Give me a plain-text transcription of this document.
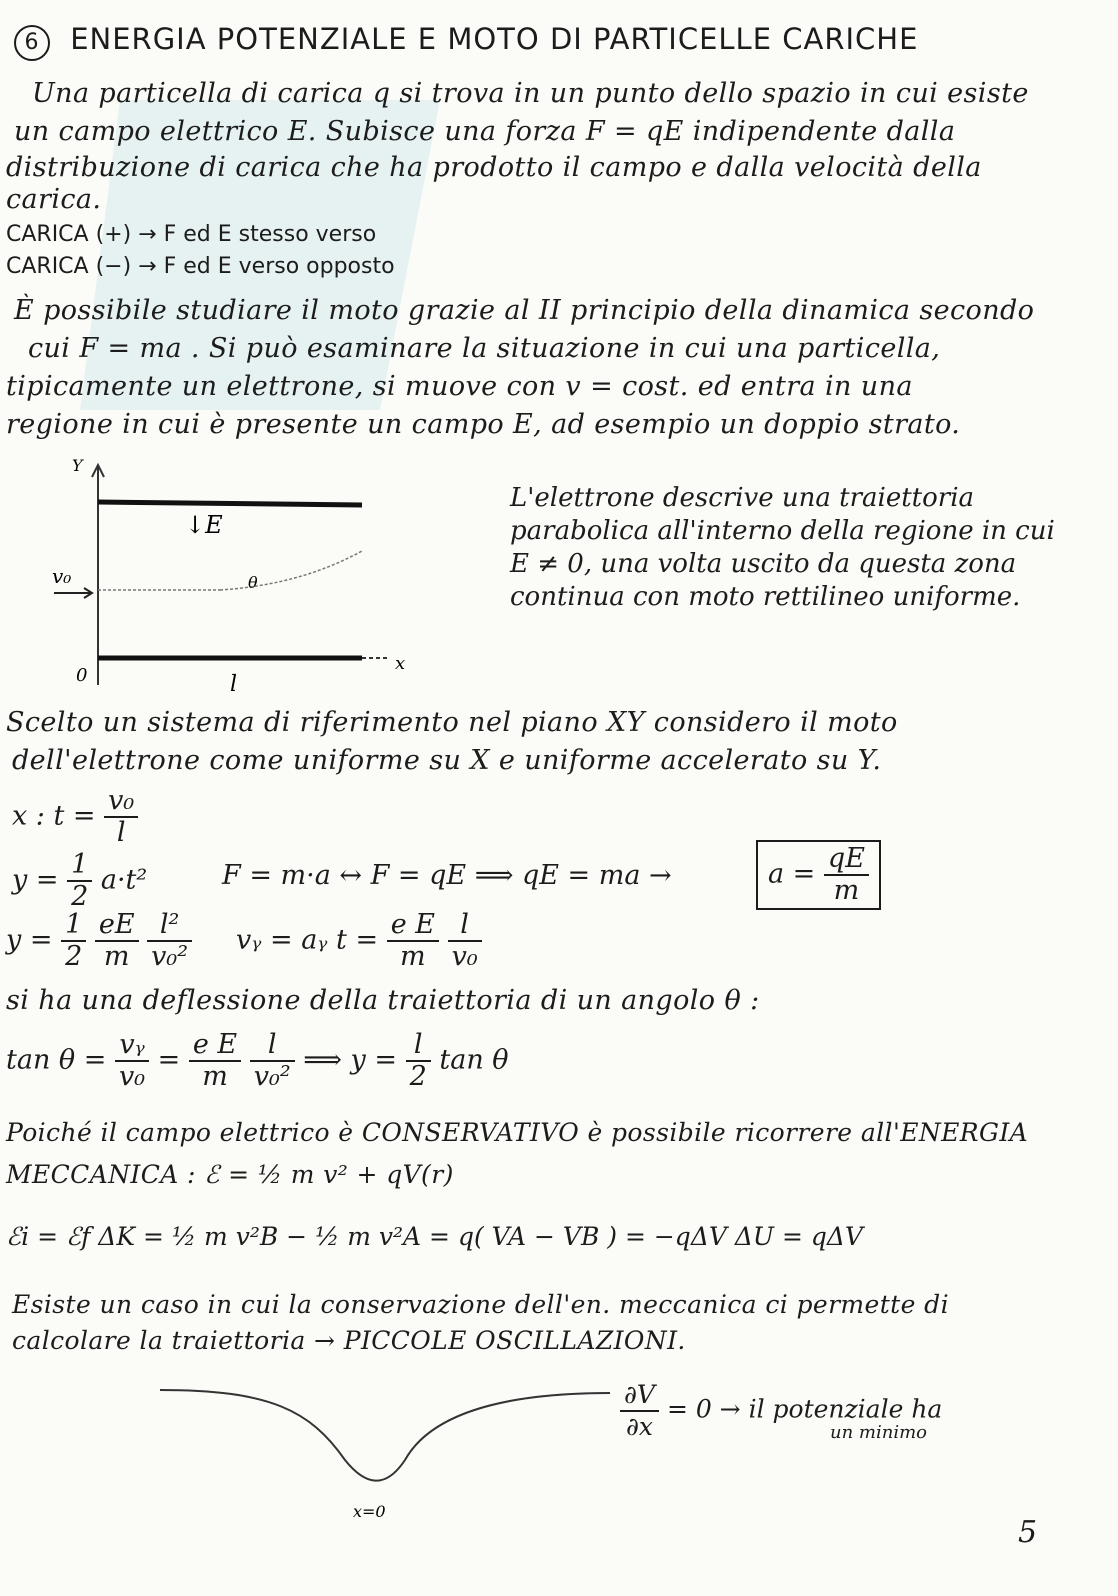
6 ENERGIA POTENZIALE E MOTO DI PARTICELLE CARICHE
Una particella di carica q si trova in un punto dello spazio in cui esiste
un campo elettrico E. Subisce una forza F = qE indipendente dalla
distribuzione di carica che ha prodotto il campo e dalla velocità della
carica.
CARICA (+) → F ed E stesso verso
CARICA (−) → F ed E verso opposto
È possibile studiare il moto grazie al II principio della dinamica secondo
cui F = ma . Si può esaminare la situazione in cui una particella,
tipicamente un elettrone, si muove con v = cost. ed entra in una
regione in cui è presente un campo E, ad esempio un doppio strato.
v₀
↓E
θ
Y
x
0	l
L'elettrone descrive una traiettoria parabolica all'interno della regione in cui E ≠ 0, una volta uscito da questa zona continua con moto rettilineo uniforme.
Scelto un sistema di riferimento nel piano XY considero il moto
dell'elettrone come uniforme su X e uniforme accelerato su Y.
x : $t = \frac{\text{v₀}}{l}$
$y = \frac{1}{2} a\cdot t^2$	F = m·a ↔ F = qE ⟹ qE = ma →	$a = \frac{qE}{m}$
$y = \frac{1}{2}$
$\frac{eE}{m}$
$\frac{\text{l²}}{\text{v₀²}}$ vᵧ = aᵧ $t = \frac{\text{e E}}{m}$
$\frac{l}{\text{v₀}}$
si ha una deflessione della traiettoria di un angolo θ :
$\tan \theta = \frac{\text{vᵧ}}{\text{v₀}} = \frac{\text{e E}}{m}$
$\frac{l}{\text{v₀²}}$ ⟹ $y = \frac{l}{2}$ tan θ
Poiché il campo elettrico è CONSERVATIVO è possibile ricorrere all'ENERGIA
MECCANICA : ℰ = ½ m v² + qV(r)
ℰi = ℰf ΔK = ½ m v²B − ½ m v²A = q( VA − VB ) = −qΔV ΔU = qΔV
Esiste un caso in cui la conservazione dell'en. meccanica ci permette di
calcolare la traiettoria → PICCOLE OSCILLAZIONI.
x=0
$\frac{\partial V}{\partial x} = 0$ → il potenziale ha
un minimo
5
